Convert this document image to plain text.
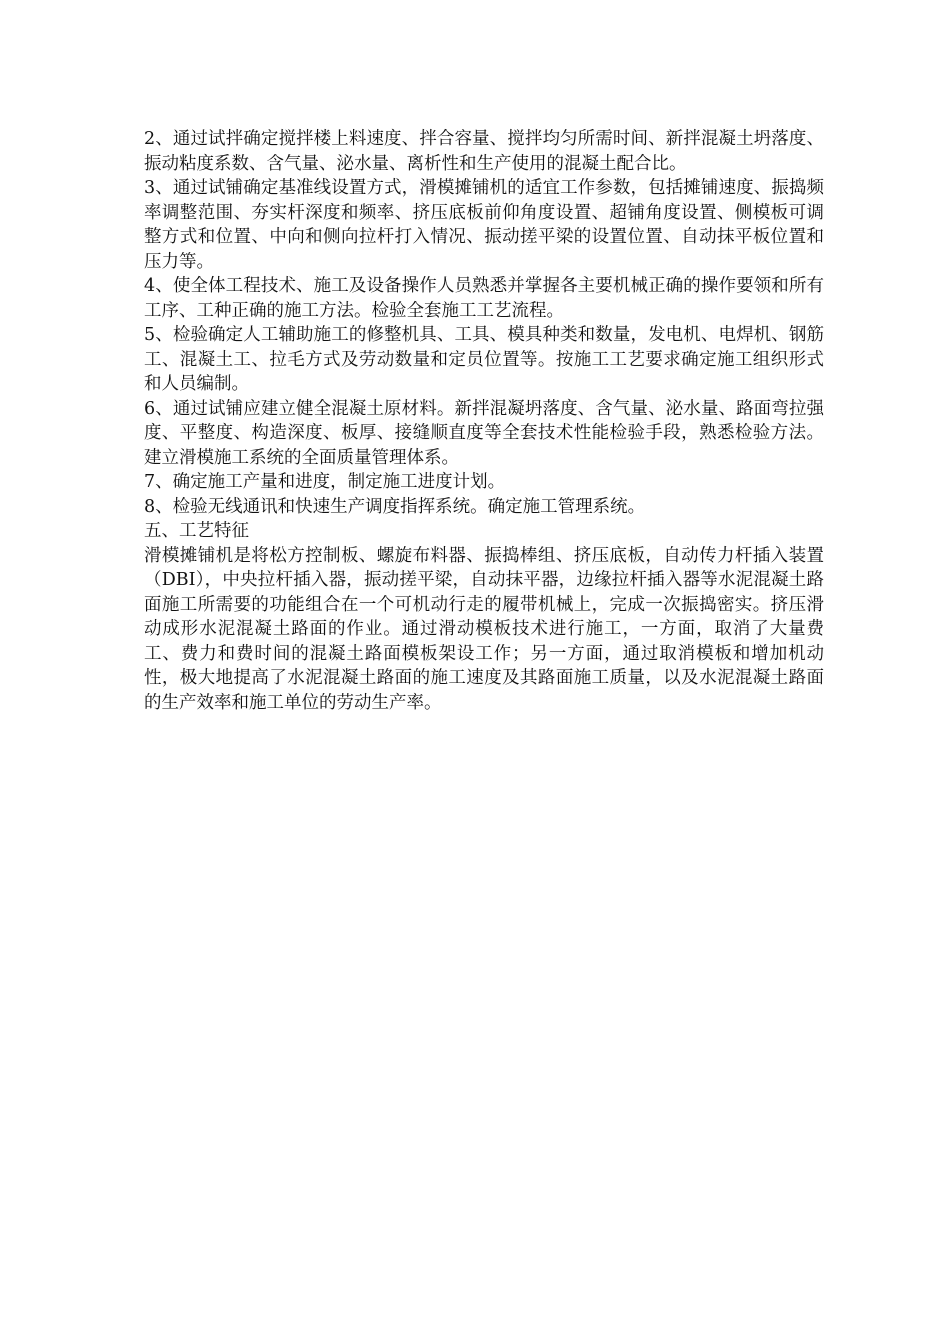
2、通过试拌确定搅拌楼上料速度、拌合容量、搅拌均匀所需时间、新拌混凝土坍落度、振动粘度系数、含气量、泌水量、离析性和生产使用的混凝土配合比。

3、通过试铺确定基准线设置方式，滑模摊铺机的适宜工作参数，包括摊铺速度、振捣频率调整范围、夯实杆深度和频率、挤压底板前仰角度设置、超铺角度设置、侧模板可调整方式和位置、中向和侧向拉杆打入情况、振动搓平梁的设置位置、自动抹平板位置和压力等。

4、使全体工程技术、施工及设备操作人员熟悉并掌握各主要机械正确的操作要领和所有工序、工种正确的施工方法。检验全套施工工艺流程。

5、检验确定人工辅助施工的修整机具、工具、模具种类和数量，发电机、电焊机、钢筋工、混凝土工、拉毛方式及劳动数量和定员位置等。按施工工艺要求确定施工组织形式和人员编制。

6、通过试铺应建立健全混凝土原材料。新拌混凝坍落度、含气量、泌水量、路面弯拉强度、平整度、构造深度、板厚、接缝顺直度等全套技术性能检验手段，熟悉检验方法。建立滑模施工系统的全面质量管理体系。

7、确定施工产量和进度，制定施工进度计划。

8、检验无线通讯和快速生产调度指挥系统。确定施工管理系统。

五、工艺特征

滑模摊铺机是将松方控制板、螺旋布料器、振捣棒组、挤压底板，自动传力杆插入装置（DBI），中央拉杆插入器，振动搓平梁，自动抹平器，边缘拉杆插入器等水泥混凝土路面施工所需要的功能组合在一个可机动行走的履带机械上，完成一次振捣密实。挤压滑动成形水泥混凝土路面的作业。通过滑动模板技术进行施工，一方面，取消了大量费工、费力和费时间的混凝土路面模板架设工作；另一方面，通过取消模板和增加机动性，极大地提高了水泥混凝土路面的施工速度及其路面施工质量，以及水泥混凝土路面的生产效率和施工单位的劳动生产率。
